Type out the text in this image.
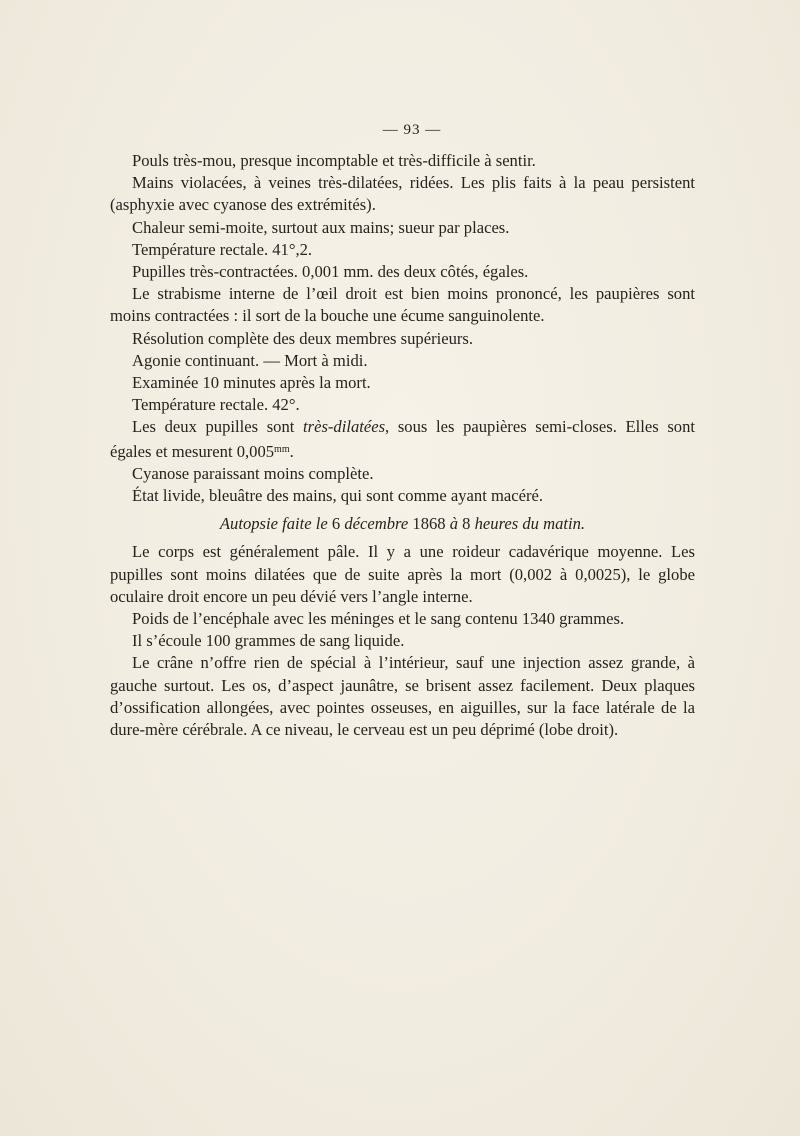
— 93 —

Pouls très-mou, presque incomptable et très-difficile à sentir.

Mains violacées, à veines très-dilatées, ridées. Les plis faits à la peau persistent (asphyxie avec cyanose des extrémités).

Chaleur semi-moite, surtout aux mains; sueur par places.

Température rectale. 41°,2.

Pupilles très-contractées. 0,001 mm. des deux côtés, égales.

Le strabisme interne de l’œil droit est bien moins prononcé, les paupières sont moins contractées : il sort de la bouche une écume sanguinolente.

Résolution complète des deux membres supérieurs.

Agonie continuant. — Mort à midi.

Examinée 10 minutes après la mort.

Température rectale. 42°.

Les deux pupilles sont très-dilatées, sous les paupières semi-closes. Elles sont égales et mesurent $0,005^{mm}$.

Cyanose paraissant moins complète.

État livide, bleuâtre des mains, qui sont comme ayant macéré.

Autopsie faite le 6 décembre 1868 à 8 heures du matin.

Le corps est généralement pâle. Il y a une roideur cadavérique moyenne. Les pupilles sont moins dilatées que de suite après la mort (0,002 à 0,0025), le globe oculaire droit encore un peu dévié vers l’angle interne.

Poids de l’encéphale avec les méninges et le sang contenu 1340 grammes.

Il s’écoule 100 grammes de sang liquide.

Le crâne n’offre rien de spécial à l’intérieur, sauf une injection assez grande, à gauche surtout. Les os, d’aspect jaunâtre, se brisent assez facilement. Deux plaques d’ossification allongées, avec pointes osseuses, en aiguilles, sur la face latérale de la dure-mère cérébrale. A ce niveau, le cerveau est un peu déprimé (lobe droit).
